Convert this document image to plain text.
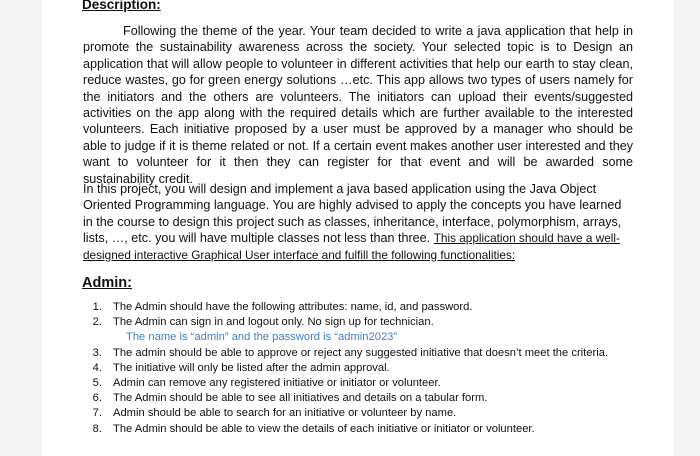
Description:

Following the theme of the year. Your team decided to write a java application that help in promote the sustainability awareness across the society. Your selected topic is to Design an application that will allow people to volunteer in different activities that help our earth to stay clean, reduce wastes, go for green energy solutions …etc. This app allows two types of users namely for the initiators and the others are volunteers. The initiators can upload their events/suggested activities on the app along with the required details which are further available to the interested volunteers. Each initiative proposed by a user must be approved by a manager who should be able to judge if it is theme related or not. If a certain event makes another user interested and they want to volunteer for it then they can register for that event and will be awarded some sustainability credit.

In this project, you will design and implement a java based application using the Java Object Oriented Programming language. You are highly advised to apply the concepts you have learned in the course to design this project such as classes, inheritance, interface, polymorphism, arrays, lists, …, etc. you will have multiple classes not less than three. This application should have a well-designed interactive Graphical User interface and fulfill the following functionalities:

Admin:
1. The Admin should have the following attributes: name, id, and password.
2. The Admin can sign in and logout only. No sign up for technician.
The name is “admin” and the password is “admin2023”
3. The admin should be able to approve or reject any suggested initiative that doesn’t meet the criteria.
4. The initiative will only be listed after the admin approval.
5. Admin can remove any registered initiative or initiator or volunteer.
6. The Admin should be able to see all initiatives and details on a tabular form.
7. Admin should be able to search for an initiative or volunteer by name.
8. The Admin should be able to view the details of each initiative or initiator or volunteer.
